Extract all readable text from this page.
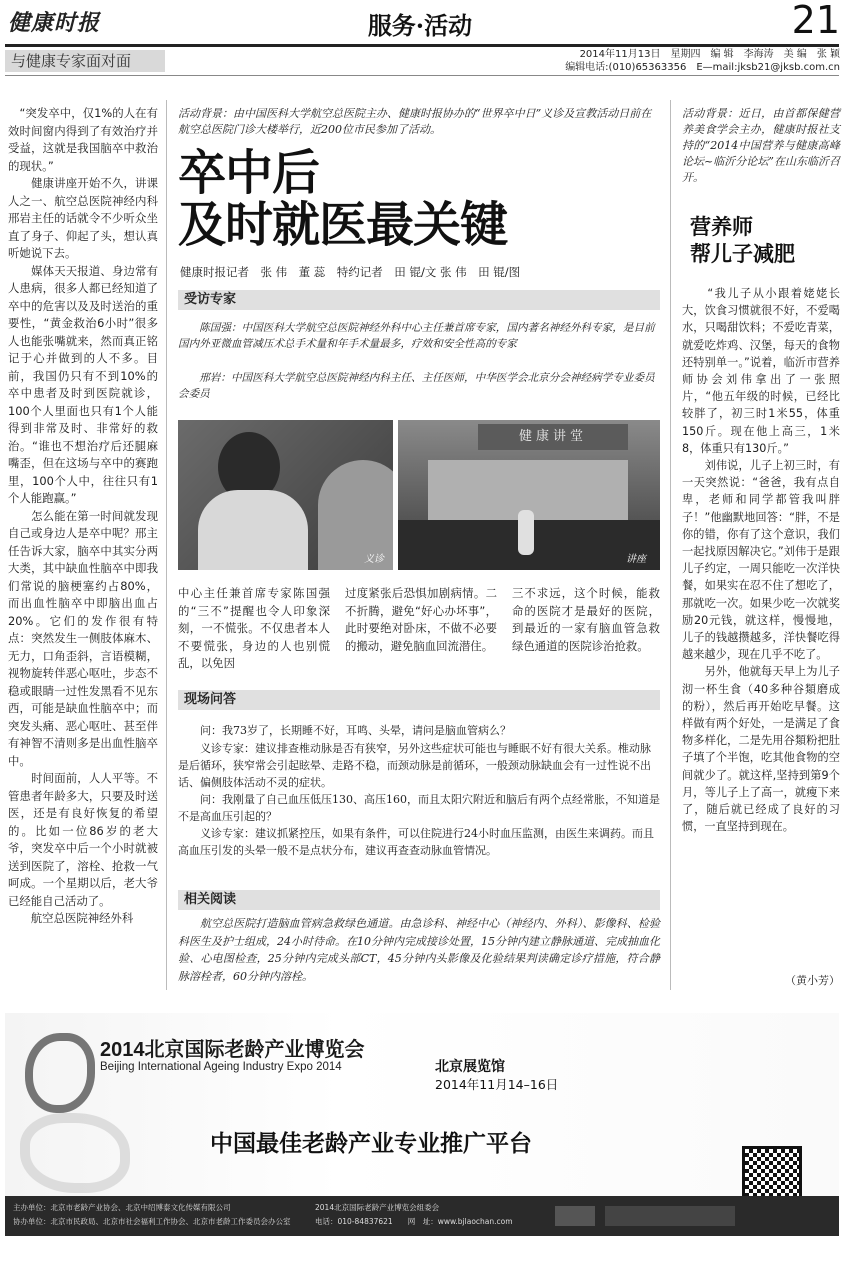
健康时报	服务·活动	21
与健康专家面对面	2014年11月13日　星期四　编 辑　李海涛　美 编　张 颖
编辑电话:(010)65363356　E—mail:jksb21@jksb.com.cn
　“突发卒中，仅1%的人在有效时间窗内得到了有效治疗并受益，这就是我国脑卒中救治的现状。”
　　健康讲座开始不久，讲课人之一、航空总医院神经内科邢岩主任的话就令不少听众坐直了身子、仰起了头，想认真听她说下去。
　　媒体天天报道、身边常有人患病，很多人都已经知道了卒中的危害以及及时送治的重要性，“黄金救治6小时”很多人也能张嘴就来，然而真正铭记于心并做到的人不多。目前，我国仍只有不到10%的卒中患者及时到医院就诊，100个人里面也只有1个人能得到非常及时、非常好的救治。“谁也不想治疗后还腿麻嘴歪，但在这场与卒中的赛跑里，100个人中，往往只有1个人能跑赢。”
　　怎么能在第一时间就发现自己或身边人是卒中呢？邢主任告诉大家，脑卒中其实分两大类，其中缺血性脑卒中即我们常说的脑梗塞约占80%，而出血性脑卒中即脑出血占20%。它们的发作很有特点：突然发生一侧肢体麻木、无力，口角歪斜，言语模糊，视物旋转伴恶心呕吐，步态不稳或眼睛一过性发黑看不见东西，可能是缺血性脑卒中；而突发头痛、恶心呕吐、甚至伴有神智不清则多是出血性脑卒中。
　　时间面前，人人平等。不管患者年龄多大，只要及时送医，还是有良好恢复的希望的。比如一位86岁的老大爷，突发卒中后一个小时就被送到医院了，溶栓、抢救一气呵成。一个星期以后，老大爷已经能自己活动了。
　　航空总医院神经外科
活动背景：由中国医科大学航空总医院主办、健康时报协办的“世界卒中日”义诊及宣教活动日前在航空总医院门诊大楼举行，近200位市民参加了活动。
卒中后
及时就医最关键
健康时报记者　张 伟　董 蕊　特约记者　田 锟/文 张 伟　田 锟/图
受访专家
陈国强：中国医科大学航空总医院神经外科中心主任兼首席专家，国内著名神经外科专家，是目前国内外亚微血管减压术总手术量和年手术量最多，疗效和安全性高的专家
邢岩：中国医科大学航空总医院神经内科主任、主任医师，中华医学会北京分会神经病学专业委员会委员
义诊
健康讲堂
讲座
中心主任兼首席专家陈国强的“三不”提醒也令人印象深刻，一不慌张。不仅患者本人不要慌张，身边的人也别慌乱，以免因
过度紧张后恐惧加剧病情。二不折腾，避免“好心办坏事”，此时要绝对卧床，不做不必要的搬动，避免脑血回流潜住。
三不求远，这个时候，能救命的医院才是最好的医院，到最近的一家有脑血管急救绿色通道的医院诊治抢救。
现场问答
问：我73岁了，长期睡不好，耳鸣、头晕，请问是脑血管病么？
义诊专家：建议排查椎动脉是否有狭窄，另外这些症状可能也与睡眠不好有很大关系。椎动脉是后循环，狭窄常会引起眩晕、走路不稳，而颈动脉是前循环，一般颈动脉缺血会有一过性说不出话、偏侧肢体活动不灵的症状。
问：我刚量了自己血压低压130、高压160，而且太阳穴附近和脑后有两个点经常胀，不知道是不是高血压引起的？
义诊专家：建议抓紧控压，如果有条件，可以住院进行24小时血压监测，由医生来调药。而且高血压引发的头晕一般不是点状分布，建议再查查动脉血管情况。
相关阅读
航空总医院打造脑血管病急救绿色通道。由急诊科、神经中心（神经内、外科）、影像科、检验科医生及护士组成，24小时待命。在10分钟内完成接诊处置，15分钟内建立静脉通道、完成抽血化验、心电图检查，25分钟内完成头部CT，45分钟内头影像及化验结果判读确定诊疗措施，符合静脉溶栓者，60分钟内溶栓。
活动背景：近日，由首都保健营养美食学会主办，健康时报社支持的“2014中国营养与健康高峰论坛~临沂分论坛”在山东临沂召开。
营养师
帮儿子减肥
　　“我儿子从小跟着姥姥长大，饮食习惯就很不好，不爱喝水，只喝甜饮料；不爱吃青菜，就爱吃炸鸡、汉堡，每天的食物还特别单一。”说着，临沂市营养师协会刘伟拿出了一张照片，“他五年级的时候，已经比较胖了，初三时1米55，体重150斤。现在他上高三，1米8，体重只有130斤。”
　　刘伟说，儿子上初三时，有一天突然说：“爸爸，我有点自卑，老师和同学都管我叫胖子！”他幽默地回答：“胖，不是你的错，你有了这个意识，我们一起找原因解决它。”刘伟于是跟儿子约定，一周只能吃一次洋快餐，如果实在忍不住了想吃了，那就吃一次。如果少吃一次就奖励20元钱，就这样，慢慢地，儿子的钱越攒越多，洋快餐吃得越来越少，现在几乎不吃了。
　　另外，他就每天早上为儿子沏一杯生食（40多种谷類磨成的粉），然后再开始吃早餐。这样做有两个好处，一是满足了食物多样化，二是先用谷類粉把肚子填了个半饱，吃其他食物的空间就少了。就这样,坚持到第9个月，等儿子上了高一，就瘦下来了，随后就已经成了良好的习惯，一直坚持到现在。
（黄小芳）
2014北京国际老龄产业博览会
Beijing International Ageing Industry Expo 2014	北京展览馆
2014年11月14–16日
中国最佳老龄产业专业推广平台
主办单位：北京市老龄产业协会、北京中绍博泰文化传媒有限公司
协办单位：北京市民政局、北京市社会福利工作协会、北京市老龄工作委员会办公室
2014北京国际老龄产业博览会组委会
电话：010-84837621　　网　址：www.bjlaochan.com
